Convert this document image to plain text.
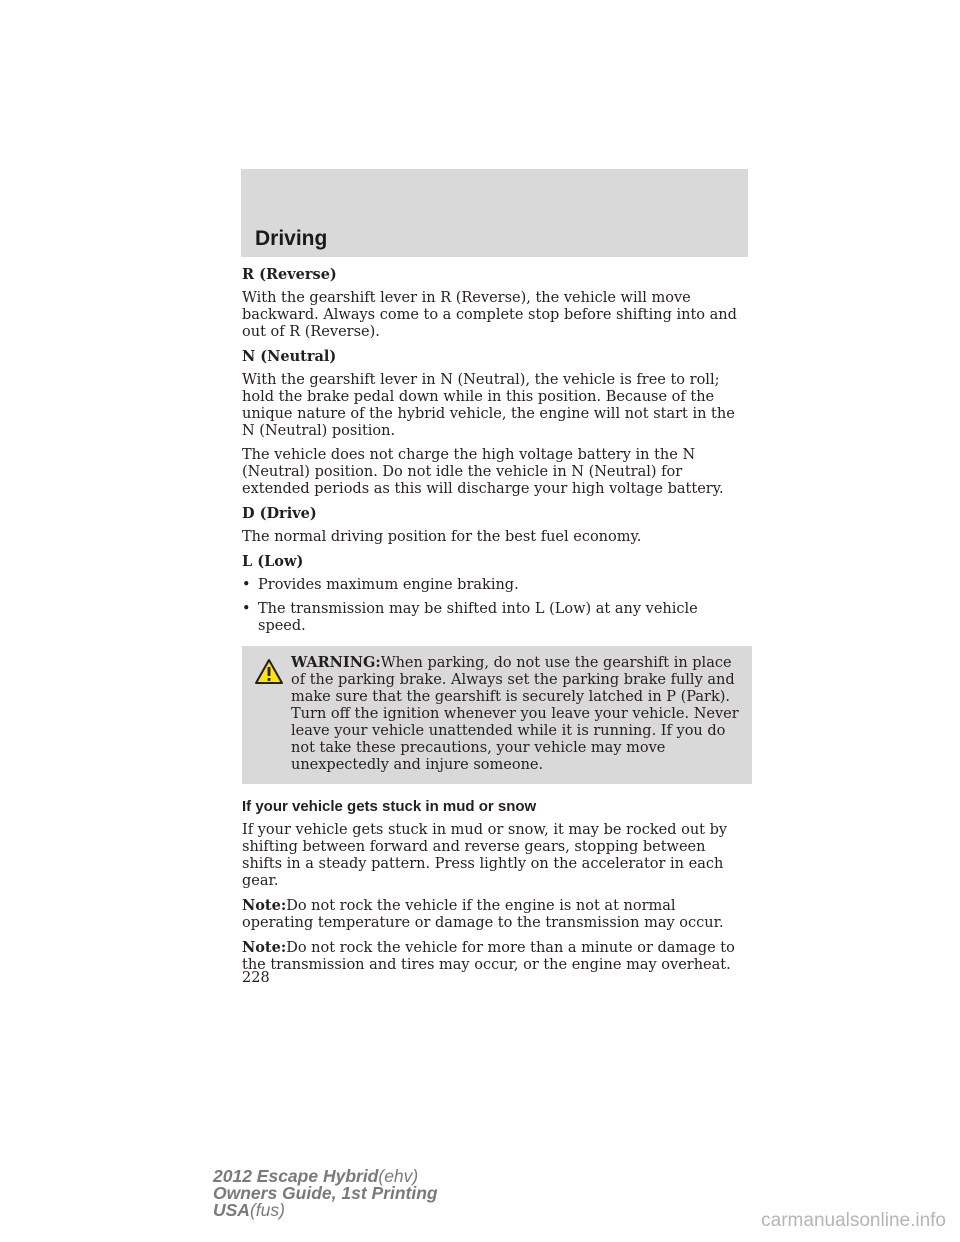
Driving

R (Reverse)

With the gearshift lever in R (Reverse), the vehicle will move backward. Always come to a complete stop before shifting into and out of R (Reverse).

N (Neutral)

With the gearshift lever in N (Neutral), the vehicle is free to roll; hold the brake pedal down while in this position. Because of the unique nature of the hybrid vehicle, the engine will not start in the N (Neutral) position.

The vehicle does not charge the high voltage battery in the N (Neutral) position. Do not idle the vehicle in N (Neutral) for extended periods as this will discharge your high voltage battery.

D (Drive)

The normal driving position for the best fuel economy.

L (Low)

• Provides maximum engine braking.
• The transmission may be shifted into L (Low) at any vehicle speed.
WARNING:When parking, do not use the gearshift in place of the parking brake. Always set the parking brake fully and make sure that the gearshift is securely latched in P (Park). Turn off the ignition whenever you leave your vehicle. Never leave your vehicle unattended while it is running. If you do not take these precautions, your vehicle may move unexpectedly and injure someone.

If your vehicle gets stuck in mud or snow

If your vehicle gets stuck in mud or snow, it may be rocked out by shifting between forward and reverse gears, stopping between shifts in a steady pattern. Press lightly on the accelerator in each gear.

Note:Do not rock the vehicle if the engine is not at normal operating temperature or damage to the transmission may occur.

Note:Do not rock the vehicle for more than a minute or damage to the transmission and tires may occur, or the engine may overheat.

228
2012 Escape Hybrid(ehv)
Owners Guide, 1st Printing
USA(fus)	carmanualsonline.info
